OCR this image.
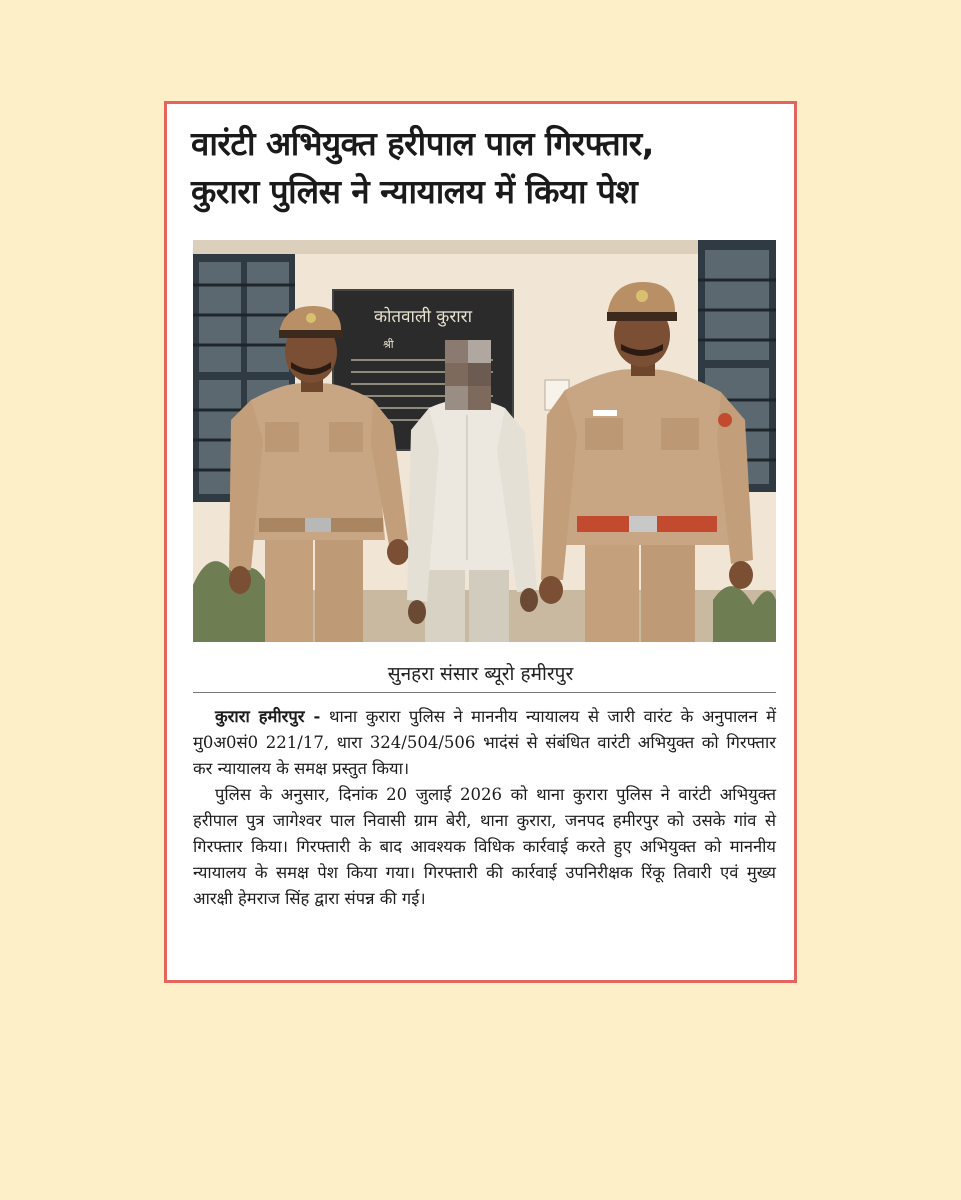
वारंटी अभियुक्त हरीपाल पाल गिरफ्तार,
कुरारा पुलिस ने न्यायालय में किया पेश
कोतवाली कुरारा
श्री
सुनहरा संसार ब्यूरो हमीरपुर

कुरारा हमीरपुर - थाना कुरारा पुलिस ने माननीय न्यायालय से जारी वारंट के अनुपालन में मु0अ0सं0 221/17, धारा 324/504/506 भादंसं से संबंधित वारंटी अभियुक्त को गिरफ्तार कर न्यायालय के समक्ष प्रस्तुत किया।

पुलिस के अनुसार, दिनांक 20 जुलाई 2026 को थाना कुरारा पुलिस ने वारंटी अभियुक्त हरीपाल पुत्र जागेश्वर पाल निवासी ग्राम बेरी, थाना कुरारा, जनपद हमीरपुर को उसके गांव से गिरफ्तार किया। गिरफ्तारी के बाद आवश्यक विधिक कार्रवाई करते हुए अभियुक्त को माननीय न्यायालय के समक्ष पेश किया गया। गिरफ्तारी की कार्रवाई उपनिरीक्षक रिंकू तिवारी एवं मुख्य आरक्षी हेमराज सिंह द्वारा संपन्न की गई।
